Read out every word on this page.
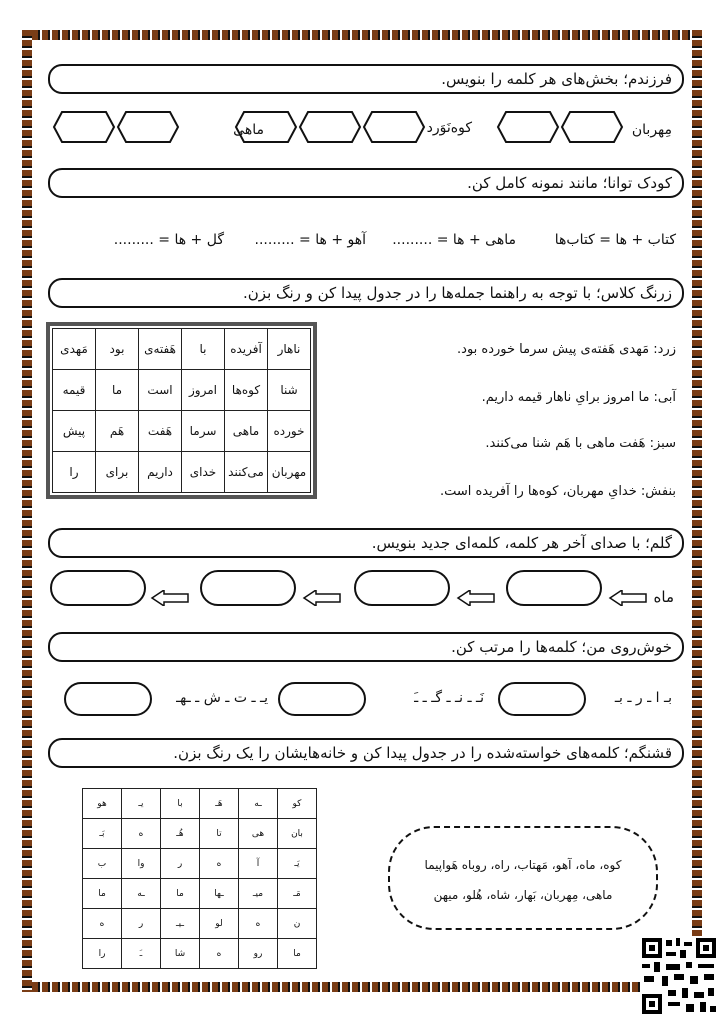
فرزندم؛ بخش‌های هر کلمه را بنویس.
مِهربان
کوه‌نَوَرد
ماهی
کودک توانا؛ مانند نمونه کامل کن.
کتاب + ها = کتاب‌ها
ماهی + ها = .........
آهو + ها = .........
گل + ها = .........
زرنگ کلاس؛ با توجه به راهنما جمله‌ها را در جدول پیدا کن و رنگ بزن.
زرد: مَهدی هَفته‌ی پیش سرما خورده بود.
آبی: ما امروز برایِ ناهار قیمه داریم.
سبز: هَفت ماهی با هَم شنا می‌کنند.
بنفش: خدایِ مهربان، کوه‌ها را آفریده است.
ناهار	آفریده	با	هَفته‌ی	بود	مَهدی
شنا	کوه‌ها	امروز	است	ما	قیمه
خورده	ماهی	سرما	هَفت	هَم	پیش
مهربان	می‌کنند	خدای	داریم	برای	را
گلم؛ با صدای آخر هر کلمه، کلمه‌ای جدید بنویس.
ماه
خوش‌روی من؛ کلمه‌ها را مرتب کن.
بـ ا ـ ر ـ بـ
نَـ ـ نـ ـ گـ ـ ـَ
یـ ـ ت ـ ش ـ ـهـ
قشنگم؛ کلمه‌های خواسته‌شده را در جدول پیدا کن و خانه‌هایشان را یک رنگ بزن.
کو	ـه	هَـ	با	یـ	هو
بان	هی	تا	هُـ	ه	بَـ
یَـ	آ	ه	ر	وا	ب
مَـ	میـ	ـها	ما	ـه	ما
ن	ه	لو	ـیـ	ر	ه
ما	رو	ه	شا	ـَ	را
کوه، ماه، آهو، مَهتاب، راه، روباه هَواپیما
ماهی، مِهربان، بَهار، شاه، هُلو، میهن
